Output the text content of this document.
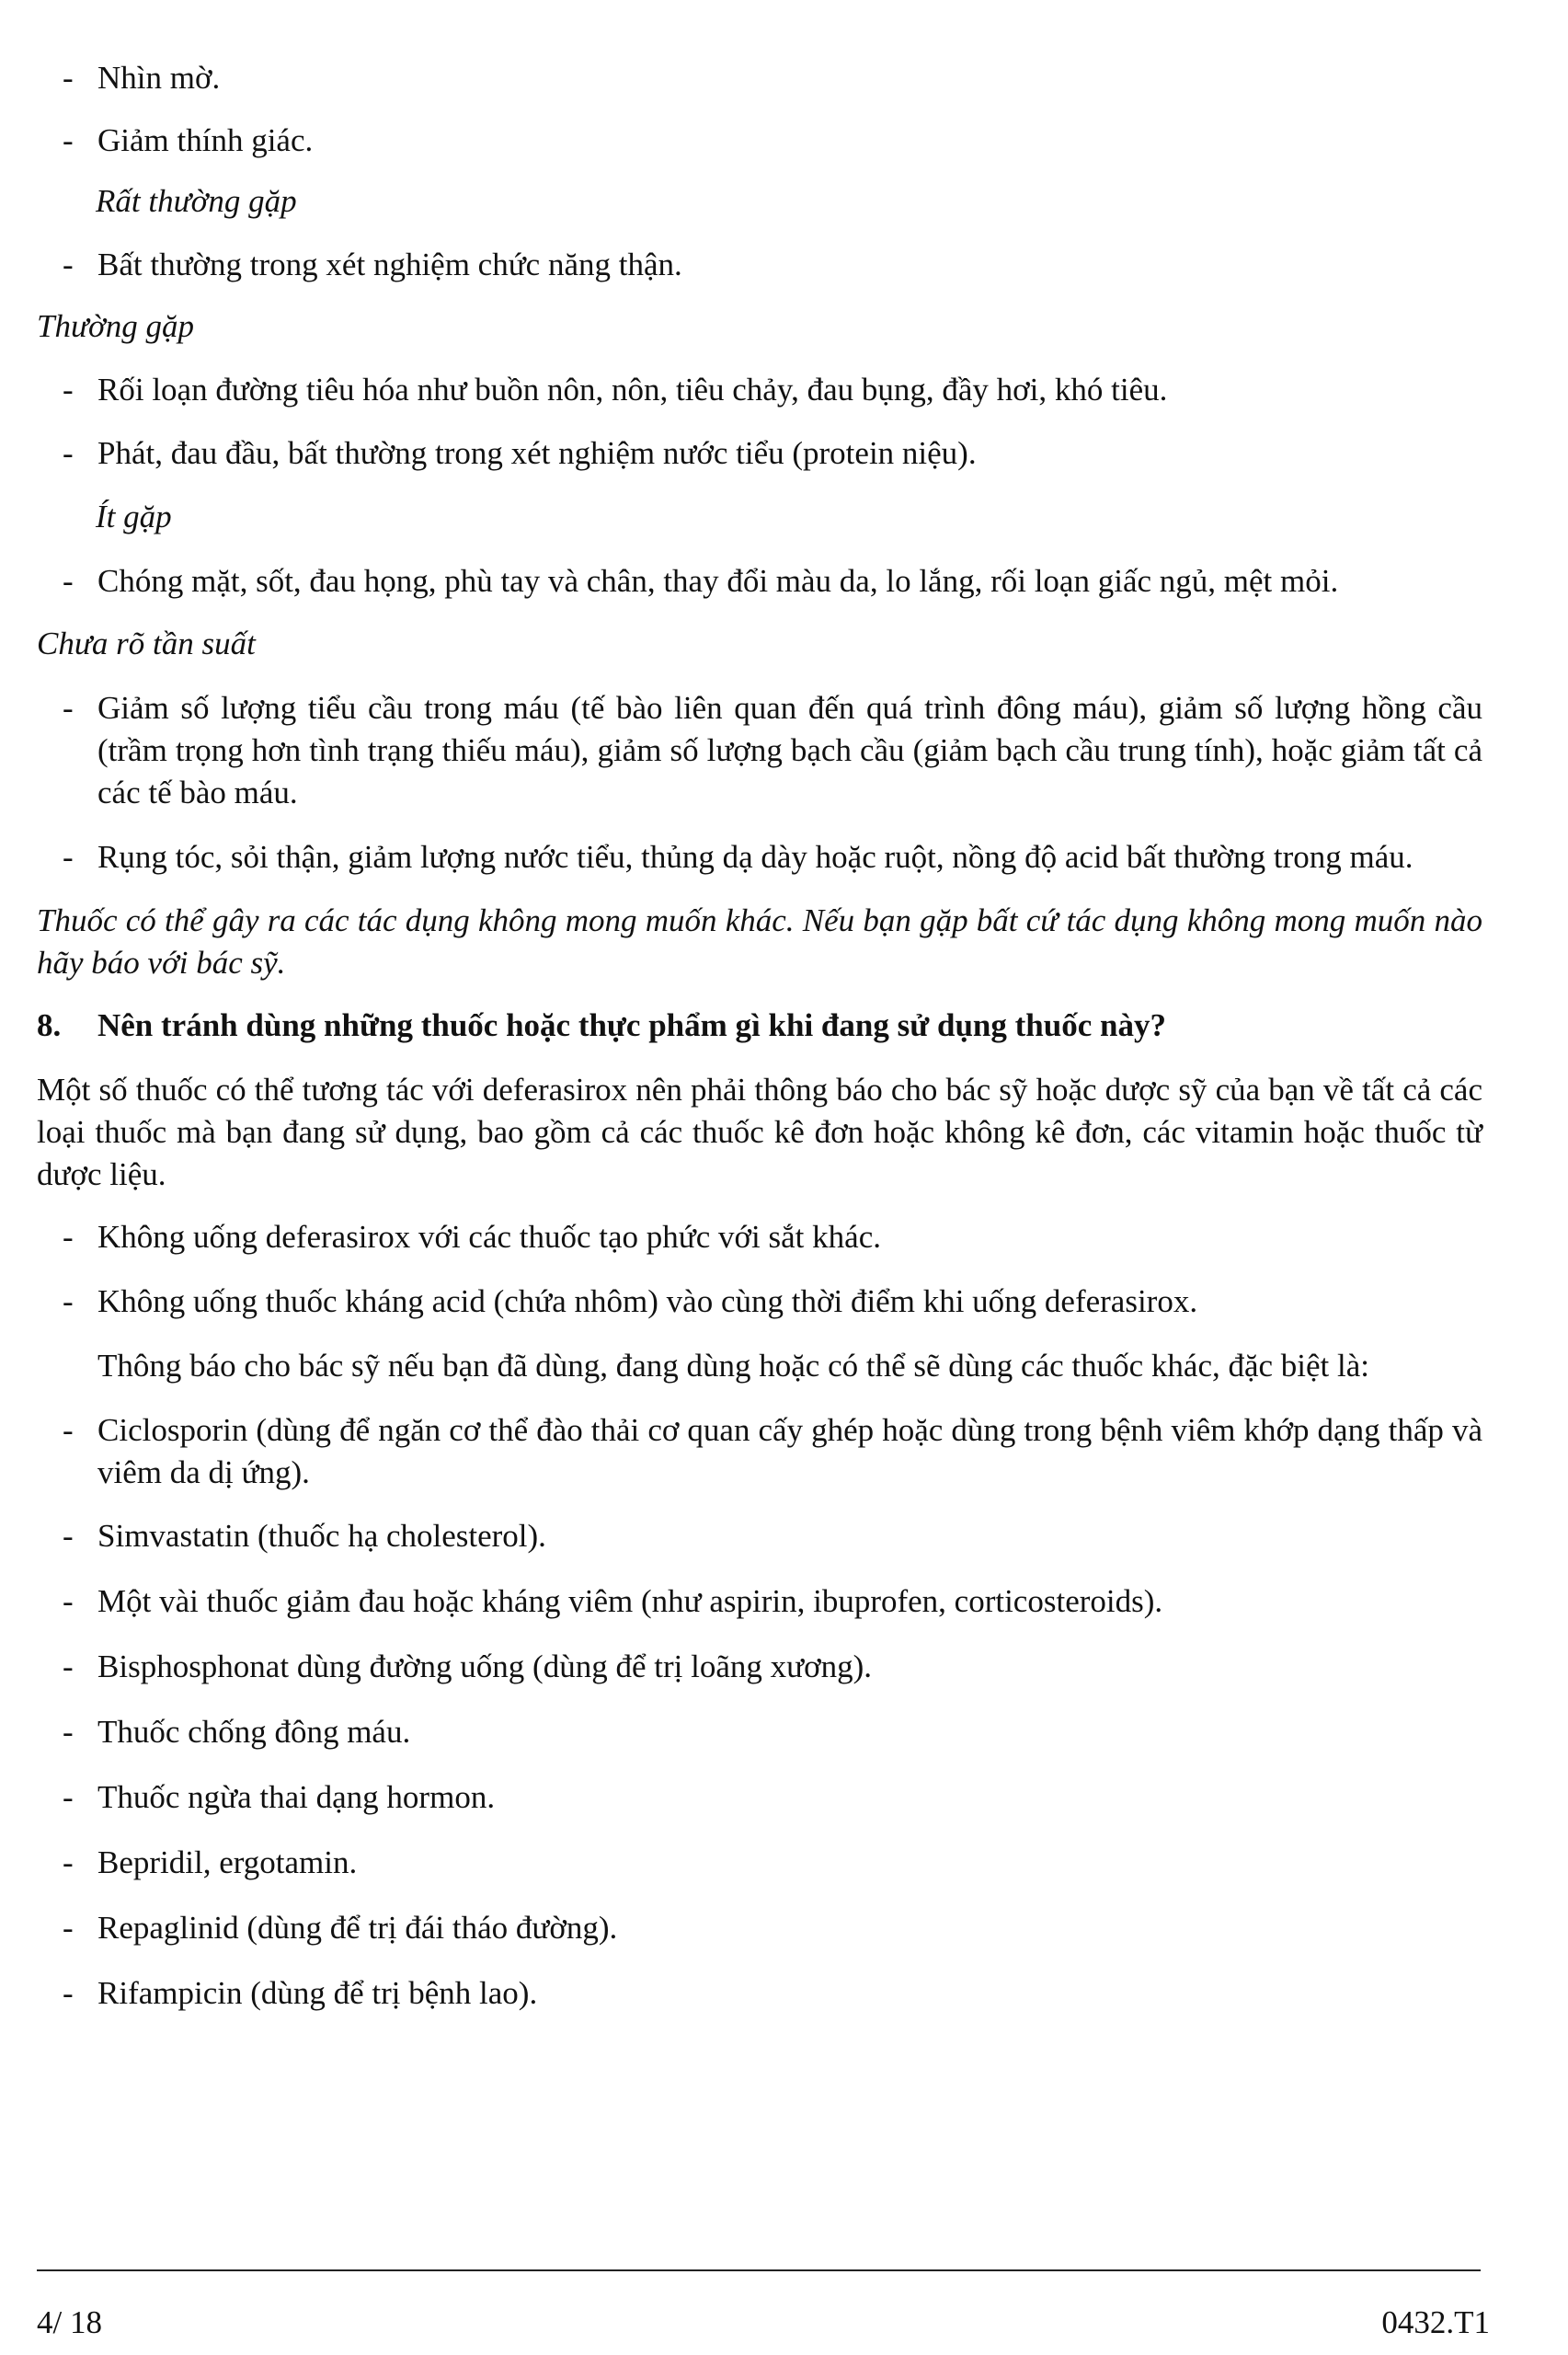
- Nhìn mờ.
- Giảm thính giác.
Rất thường gặp
- Bất thường trong xét nghiệm chức năng thận.
Thường gặp
- Rối loạn đường tiêu hóa như buồn nôn, nôn, tiêu chảy, đau bụng, đầy hơi, khó tiêu.
- Phát, đau đầu, bất thường trong xét nghiệm nước tiểu (protein niệu).
Ít gặp
- Chóng mặt, sốt, đau họng, phù tay và chân, thay đổi màu da, lo lắng, rối loạn giấc ngủ, mệt mỏi.
Chưa rõ tần suất
- Giảm số lượng tiểu cầu trong máu (tế bào liên quan đến quá trình đông máu), giảm số lượng hồng cầu (trầm trọng hơn tình trạng thiếu máu), giảm số lượng bạch cầu (giảm bạch cầu trung tính), hoặc giảm tất cả các tế bào máu.
- Rụng tóc, sỏi thận, giảm lượng nước tiểu, thủng dạ dày hoặc ruột, nồng độ acid bất thường trong máu.
Thuốc có thể gây ra các tác dụng không mong muốn khác. Nếu bạn gặp bất cứ tác dụng không mong muốn nào hãy báo với bác sỹ.
8. Nên tránh dùng những thuốc hoặc thực phẩm gì khi đang sử dụng thuốc này?
Một số thuốc có thể tương tác với deferasirox nên phải thông báo cho bác sỹ hoặc dược sỹ của bạn về tất cả các loại thuốc mà bạn đang sử dụng, bao gồm cả các thuốc kê đơn hoặc không kê đơn, các vitamin hoặc thuốc từ dược liệu.
- Không uống deferasirox với các thuốc tạo phức với sắt khác.
- Không uống thuốc kháng acid (chứa nhôm) vào cùng thời điểm khi uống deferasirox.
Thông báo cho bác sỹ nếu bạn đã dùng, đang dùng hoặc có thể sẽ dùng các thuốc khác, đặc biệt là:
- Ciclosporin (dùng để ngăn cơ thể đào thải cơ quan cấy ghép hoặc dùng trong bệnh viêm khớp dạng thấp và viêm da dị ứng).
- Simvastatin (thuốc hạ cholesterol).
- Một vài thuốc giảm đau hoặc kháng viêm (như aspirin, ibuprofen, corticosteroids).
- Bisphosphonat dùng đường uống (dùng để trị loãng xương).
- Thuốc chống đông máu.
- Thuốc ngừa thai dạng hormon.
- Bepridil, ergotamin.
- Repaglinid (dùng để trị đái tháo đường).
- Rifampicin (dùng để trị bệnh lao).
4/ 18	0432.T1
